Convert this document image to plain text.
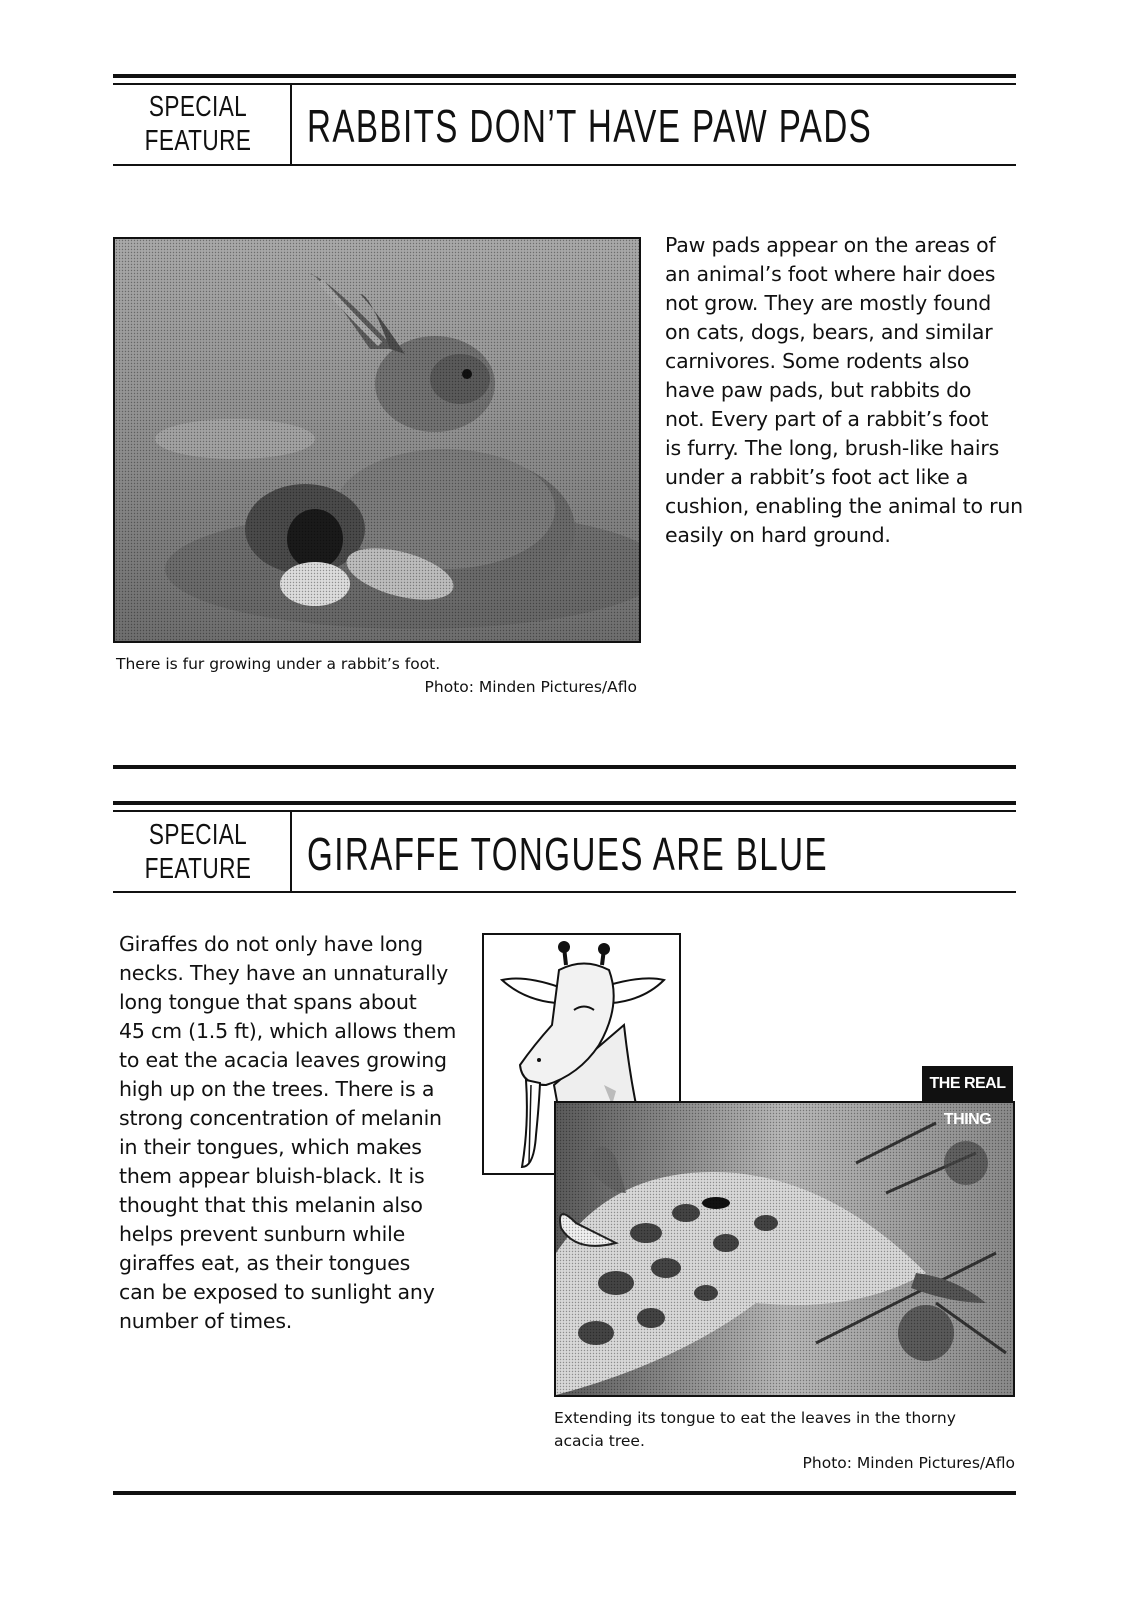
SPECIAL
FEATURE RABBITS DON’T HAVE PAW PADS
There is fur growing under a rabbit’s foot.
Photo: Minden Pictures/Aflo
Paw pads appear on the areas of
an animal’s foot where hair does
not grow. They are mostly found
on cats, dogs, bears, and similar
carnivores. Some rodents also
have paw pads, but rabbits do
not. Every part of a rabbit’s foot
is furry. The long, brush-like hairs
under a rabbit’s foot act like a
cushion, enabling the animal to run
easily on hard ground.
SPECIAL
FEATURE GIRAFFE TONGUES ARE BLUE
Giraffes do not only have long
necks. They have an unnaturally
long tongue that spans about
45 cm (1.5 ft), which allows them
to eat the acacia leaves growing
high up on the trees. There is a
strong concentration of melanin
in their tongues, which makes
them appear bluish-black. It is
thought that this melanin also
helps prevent sunburn while
giraffes eat, as their tongues
can be exposed to sunlight any
number of times.
THE REAL THING
Extending its tongue to eat the leaves in the thorny
acacia tree.
Photo: Minden Pictures/Aflo
